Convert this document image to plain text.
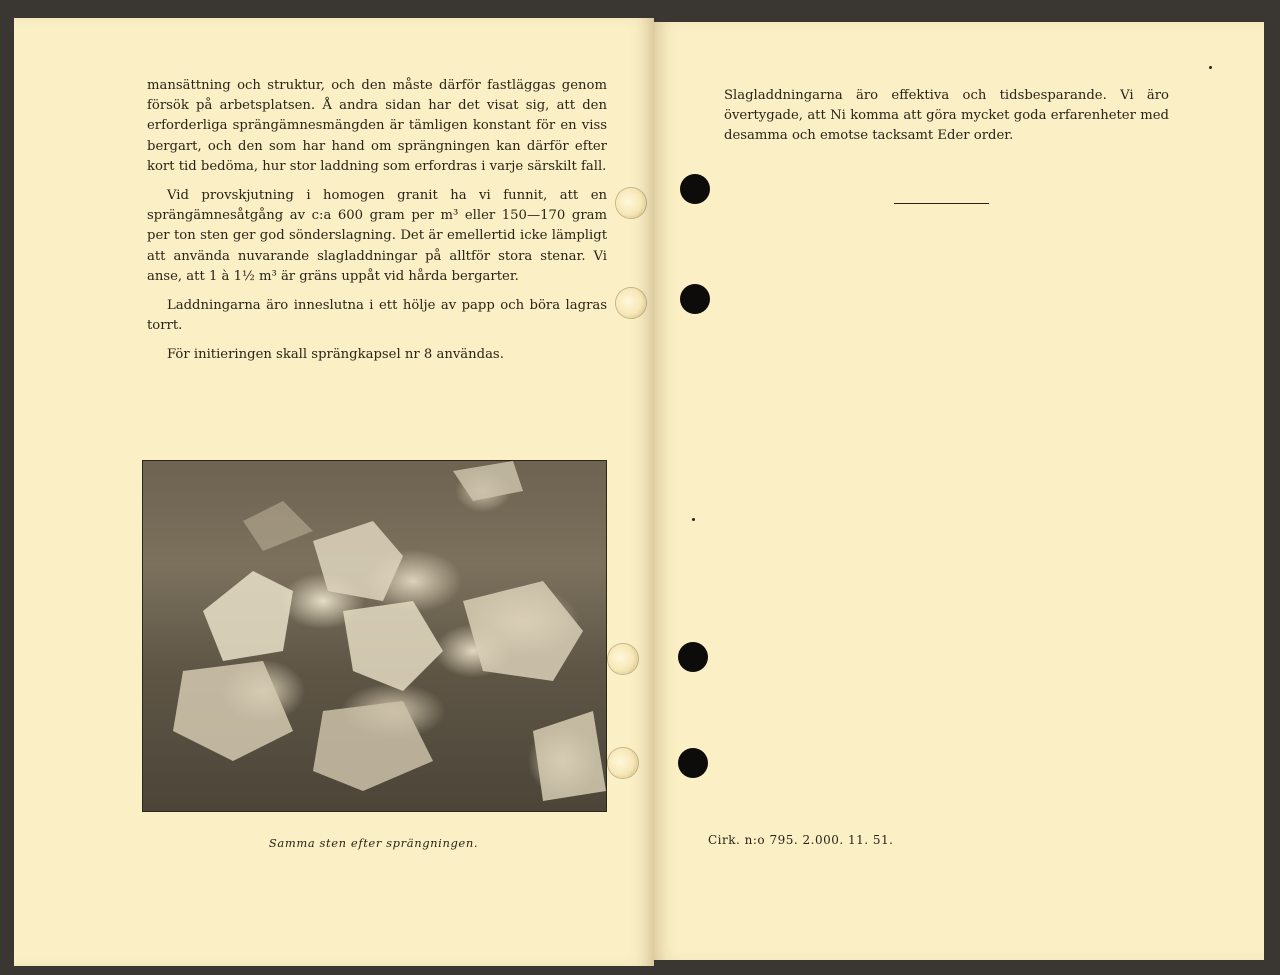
mansättning och struktur, och den måste därför fastläggas genom försök på arbetsplatsen. Å andra sidan har det visat sig, att den erforderliga sprängämnesmängden är tämligen konstant för en viss bergart, och den som har hand om sprängningen kan därför efter kort tid bedöma, hur stor laddning som erfordras i varje särskilt fall.

Vid provskjutning i homogen granit ha vi funnit, att en sprängämnesåtgång av c:a 600 gram per m³ eller 150—170 gram per ton sten ger god sönderslagning. Det är emellertid icke lämpligt att använda nuvarande slagladdningar på alltför stora stenar. Vi anse, att 1 à 1½ m³ är gräns uppåt vid hårda bergarter.

Laddningarna äro inneslutna i ett hölje av papp och böra lagras torrt.

För initieringen skall sprängkapsel nr 8 användas.

Samma sten efter sprängningen.
Slagladdningarna äro effektiva och tidsbesparande. Vi äro övertygade, att Ni komma att göra mycket goda erfarenheter med desamma och emotse tacksamt Eder order.
Cirk. n:o 795. 2.000. 11. 51.
